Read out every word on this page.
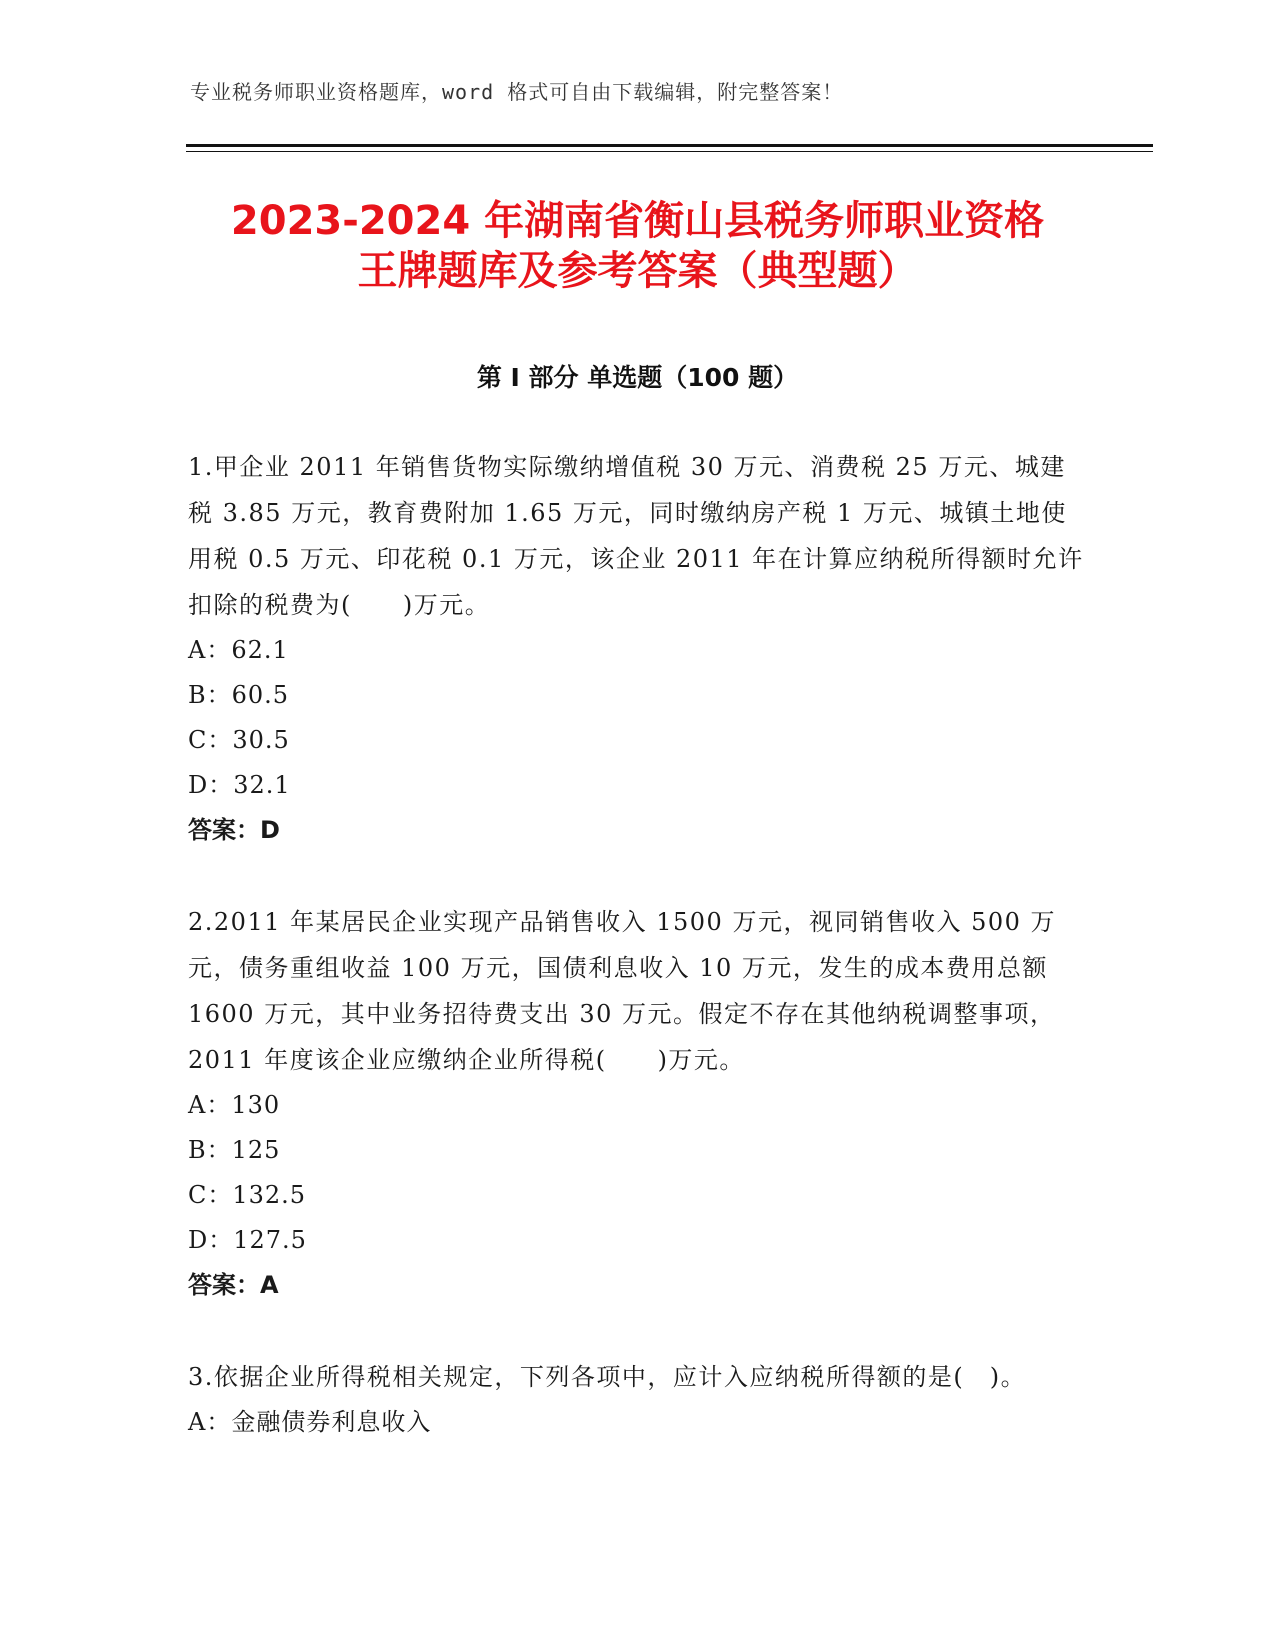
专业税务师职业资格题库，word 格式可自由下载编辑，附完整答案！
2023-2024 年湖南省衡山县税务师职业资格
王牌题库及参考答案（典型题）
第 I 部分 单选题（100 题）

1.甲企业 2011 年销售货物实际缴纳增值税 30 万元、消费税 25 万元、城建税 3.85 万元，教育费附加 1.65 万元，同时缴纳房产税 1 万元、城镇土地使用税 0.5 万元、印花税 0.1 万元，该企业 2011 年在计算应纳税所得额时允许扣除的税费为(　　)万元。

A：62.1

B：60.5

C：30.5

D：32.1

答案：D

2.2011 年某居民企业实现产品销售收入 1500 万元，视同销售收入 500 万元，债务重组收益 100 万元，国债利息收入 10 万元，发生的成本费用总额 1600 万元，其中业务招待费支出 30 万元。假定不存在其他纳税调整事项，2011 年度该企业应缴纳企业所得税(　　)万元。

A：130

B：125

C：132.5

D：127.5

答案：A

3.依据企业所得税相关规定，下列各项中，应计入应纳税所得额的是(　)。

A：金融债券利息收入
